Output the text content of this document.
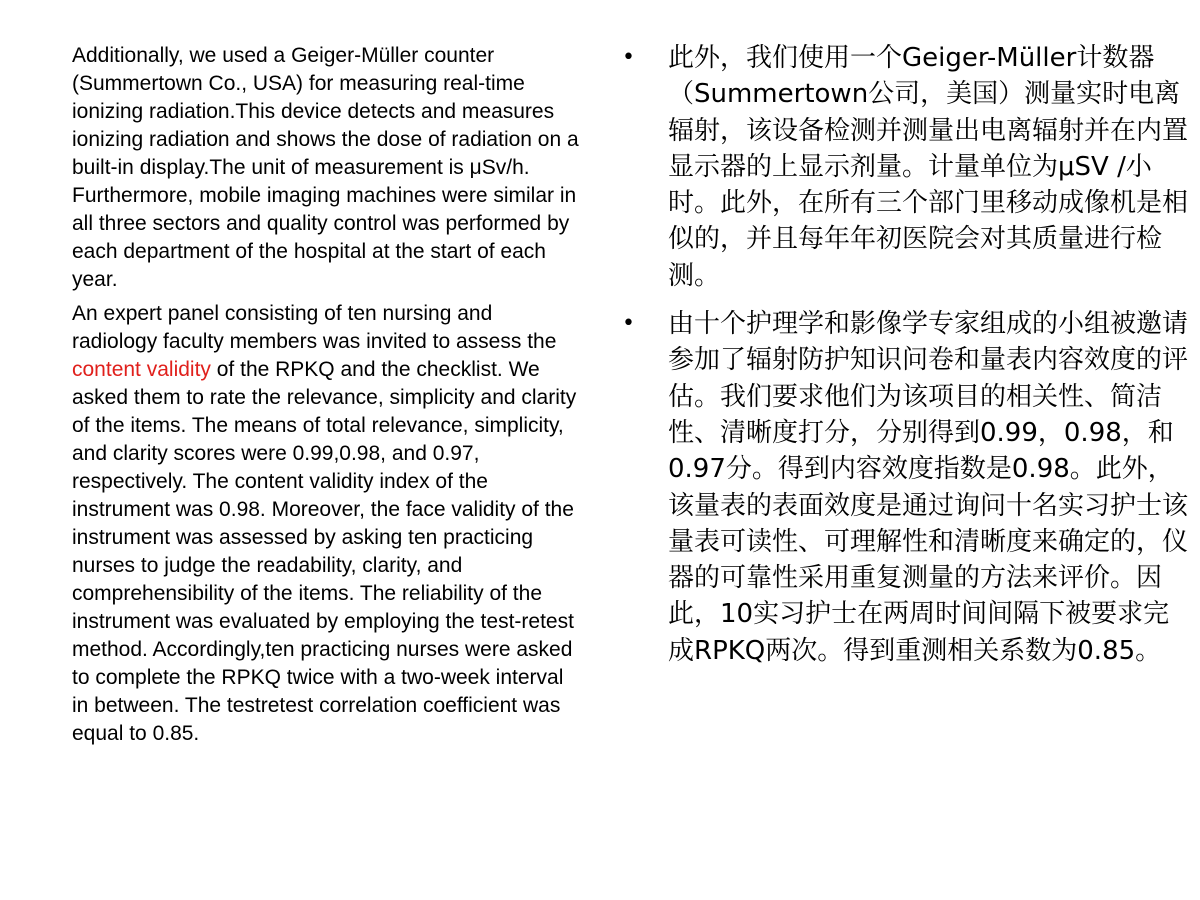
Additionally, we used a Geiger-Müller counter (Summertown Co., USA) for measuring real-time ionizing radiation.This device detects and measures ionizing radiation and shows the dose of radiation on a built-in display.The unit of measurement is μSv/h. Furthermore, mobile imaging machines were similar in all three sectors and quality control was performed by each department of the hospital at the start of each year.

An expert panel consisting of ten nursing and radiology faculty members was invited to assess the content validity of the RPKQ and the checklist. We asked them to rate the relevance, simplicity and clarity of the items. The means of total relevance, simplicity, and clarity scores were 0.99,0.98, and 0.97, respectively. The content validity index of the instrument was 0.98. Moreover, the face validity of the instrument was assessed by asking ten practicing nurses to judge the readability, clarity, and comprehensibility of the items. The reliability of the instrument was evaluated by employing the test-retest method. Accordingly,ten practicing nurses were asked to complete the RPKQ twice with a two-week interval in between. The testretest correlation coefficient was equal to 0.85.

• 此外，我们使用一个Geiger-Müller计数器（Summertown公司，美国）测量实时电离辐射，该设备检测并测量出电离辐射并在内置显示器的上显示剂量。计量单位为μSV /小时。此外，在所有三个部门里移动成像机是相似的，并且每年年初医院会对其质量进行检测。
• 由十个护理学和影像学专家组成的小组被邀请参加了辐射防护知识问卷和量表内容效度的评估。我们要求他们为该项目的相关性、简洁性、清晰度打分，分别得到0.99，0.98，和0.97分。得到内容效度指数是0.98。此外，该量表的表面效度是通过询问十名实习护士该量表可读性、可理解性和清晰度来确定的，仪器的可靠性采用重复测量的方法来评价。因此，10实习护士在两周时间间隔下被要求完成RPKQ两次。得到重测相关系数为0.85。
